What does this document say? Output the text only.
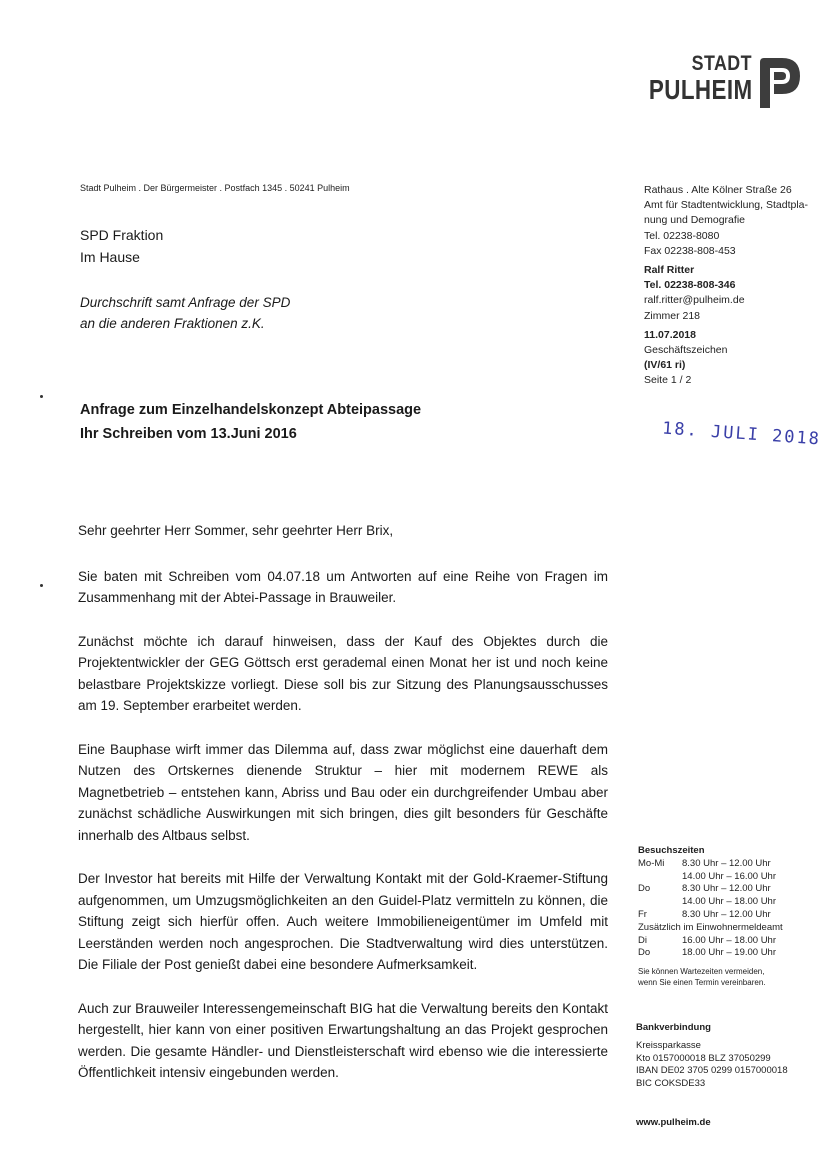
STADT
PULHEIM
Stadt Pulheim . Der Bürgermeister . Postfach 1345 . 50241 Pulheim
SPD Fraktion
Im Hause
Durchschrift samt Anfrage der SPD
an die anderen Fraktionen z.K.
Rathaus . Alte Kölner Straße 26
Amt für Stadtentwicklung, Stadtpla-
nung und Demografie
Tel. 02238-8080
Fax 02238-808-453
Ralf Ritter
Tel. 02238-808-346
ralf.ritter@pulheim.de
Zimmer 218
11.07.2018
Geschäftszeichen
(IV/61 ri)
Seite 1 / 2
18. JULI 2018
Anfrage zum Einzelhandelskonzept Abteipassage
Ihr Schreiben vom 13.Juni 2016

Sehr geehrter Herr Sommer, sehr geehrter Herr Brix,

Sie baten mit Schreiben vom 04.07.18 um Antworten auf eine Reihe von Fragen im Zusammenhang mit der Abtei-Passage in Brauweiler.

Zunächst möchte ich darauf hinweisen, dass der Kauf des Objektes durch die Projektentwickler der GEG Göttsch erst gerademal einen Monat her ist und noch keine belastbare Projektskizze vorliegt. Diese soll bis zur Sitzung des Planungsausschusses am 19. September erarbeitet werden.

Eine Bauphase wirft immer das Dilemma auf, dass zwar möglichst eine dauerhaft dem Nutzen des Ortskernes dienende Struktur – hier mit modernem REWE als Magnetbetrieb – entstehen kann, Abriss und Bau oder ein durchgreifender Umbau aber zunächst schädliche Auswirkungen mit sich bringen, dies gilt besonders für Geschäfte innerhalb des Altbaus selbst.

Der Investor hat bereits mit Hilfe der Verwaltung Kontakt mit der Gold-Kraemer-Stiftung aufgenommen, um Umzugsmöglichkeiten an den Guidel-Platz vermitteln zu können, die Stiftung zeigt sich hierfür offen. Auch weitere Immobilieneigentümer im Umfeld mit Leerständen werden noch angesprochen. Die Stadtverwaltung wird dies unterstützen. Die Filiale der Post genießt dabei eine besondere Aufmerksamkeit.

Auch zur Brauweiler Interessengemeinschaft BIG hat die Verwaltung bereits den Kontakt hergestellt, hier kann von einer positiven Erwartungshaltung an das Projekt gesprochen werden. Die gesamte Händler- und Dienstleisterschaft wird ebenso wie die interessierte Öffentlichkeit intensiv eingebunden werden.

Besuchszeiten
Mo-Mi	8.30 Uhr – 12.00 Uhr
	14.00 Uhr – 16.00 Uhr
Do	8.30 Uhr – 12.00 Uhr
	14.00 Uhr – 18.00 Uhr
Fr	8.30 Uhr – 12.00 Uhr
Zusätzlich im Einwohnermeldeamt
Di	16.00 Uhr – 18.00 Uhr
Do	18.00 Uhr – 19.00 Uhr
Sie können Wartezeiten vermeiden,
wenn Sie einen Termin vereinbaren.
Bankverbindung
Kreissparkasse
Kto 0157000018 BLZ 37050299
IBAN DE02 3705 0299 0157000018
BIC COKSDE33
www.pulheim.de
